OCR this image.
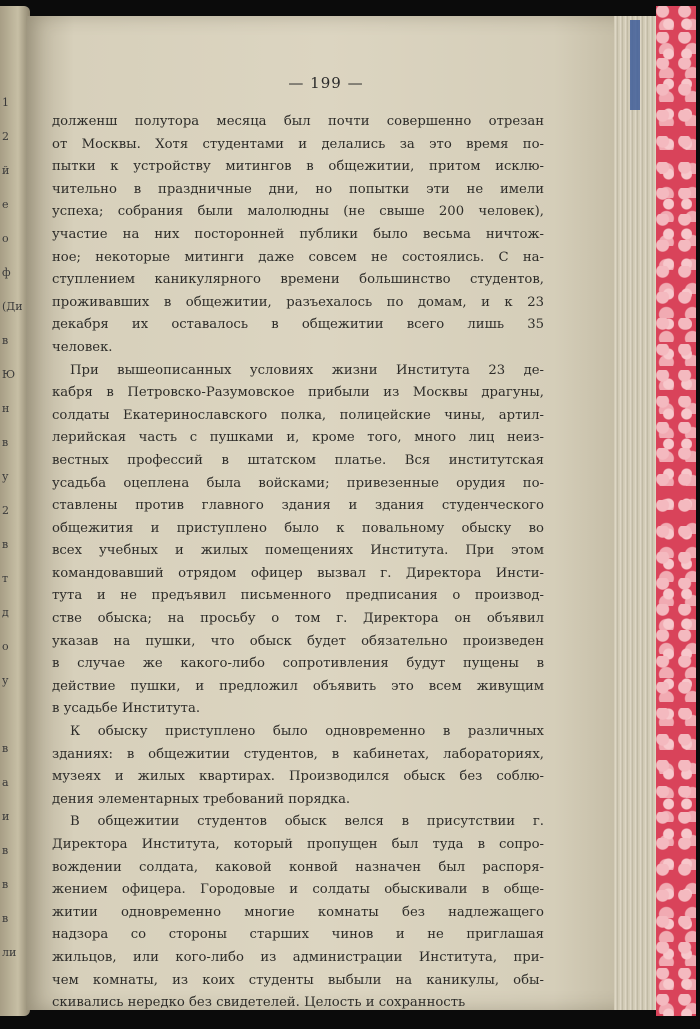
1
2
й
е
о
ф
(Ди
в
Ю
н
в
у
2
в
т
д
о
у
в
а
и
в
в
в
ли
— 199 —
долженш полутора месяца был почти совершенно отрезан
от Москвы. Хотя студентами и делались за это время по-
пытки к устройству митингов в общежитии, притом исклю-
чительно в праздничные дни, но попытки эти не имели
успеха; собрания были малолюдны (не свыше 200 человек),
участие на них посторонней публики было весьма ничтож-
ное; некоторые митинги даже совсем не состоялись. С на-
ступлением каникулярного времени большинство студентов,
проживавших в общежитии, разъехалось по домам, и к 23
декабря их оставалось в общежитии всего лишь 35
человек.
При вышеописанных условиях жизни Института 23 де-
кабря в Петровско-Разумовское прибыли из Москвы драгуны,
солдаты Екатеринославского полка, полицейские чины, артил-
лерийская часть с пушками и, кроме того, много лиц неиз-
вестных профессий в штатском платье. Вся институтская
усадьба оцеплена была войсками; привезенные орудия по-
ставлены против главного здания и здания студенческого
общежития и приступлено было к повальному обыску во
всех учебных и жилых помещениях Института. При этом
командовавший отрядом офицер вызвал г. Директора Инсти-
тута и не предъявил письменного предписания о производ-
стве обыска; на просьбу о том г. Директора он объявил
указав на пушки, что обыск будет обязательно произведен
в случае же какого-либо сопротивления будут пущены в
действие пушки, и предложил объявить это всем живущим
в усадьбе Института.
К обыску приступлено было одновременно в различных
зданиях: в общежитии студентов, в кабинетах, лабораториях,
музеях и жилых квартирах. Производился обыск без соблю-
дения элементарных требований порядка.
В общежитии студентов обыск велся в присутствии г.
Директора Института, который пропущен был туда в сопро-
вождении солдата, каковой конвой назначен был распоря-
жением офицера. Городовые и солдаты обыскивали в обще-
житии одновременно многие комнаты без надлежащего
надзора со стороны старших чинов и не приглашая
жильцов, или кого-либо из администрации Института, при-
чем комнаты, из коих студенты выбыли на каникулы, обы-
скивались нередко без свидетелей. Целость и сохранность
